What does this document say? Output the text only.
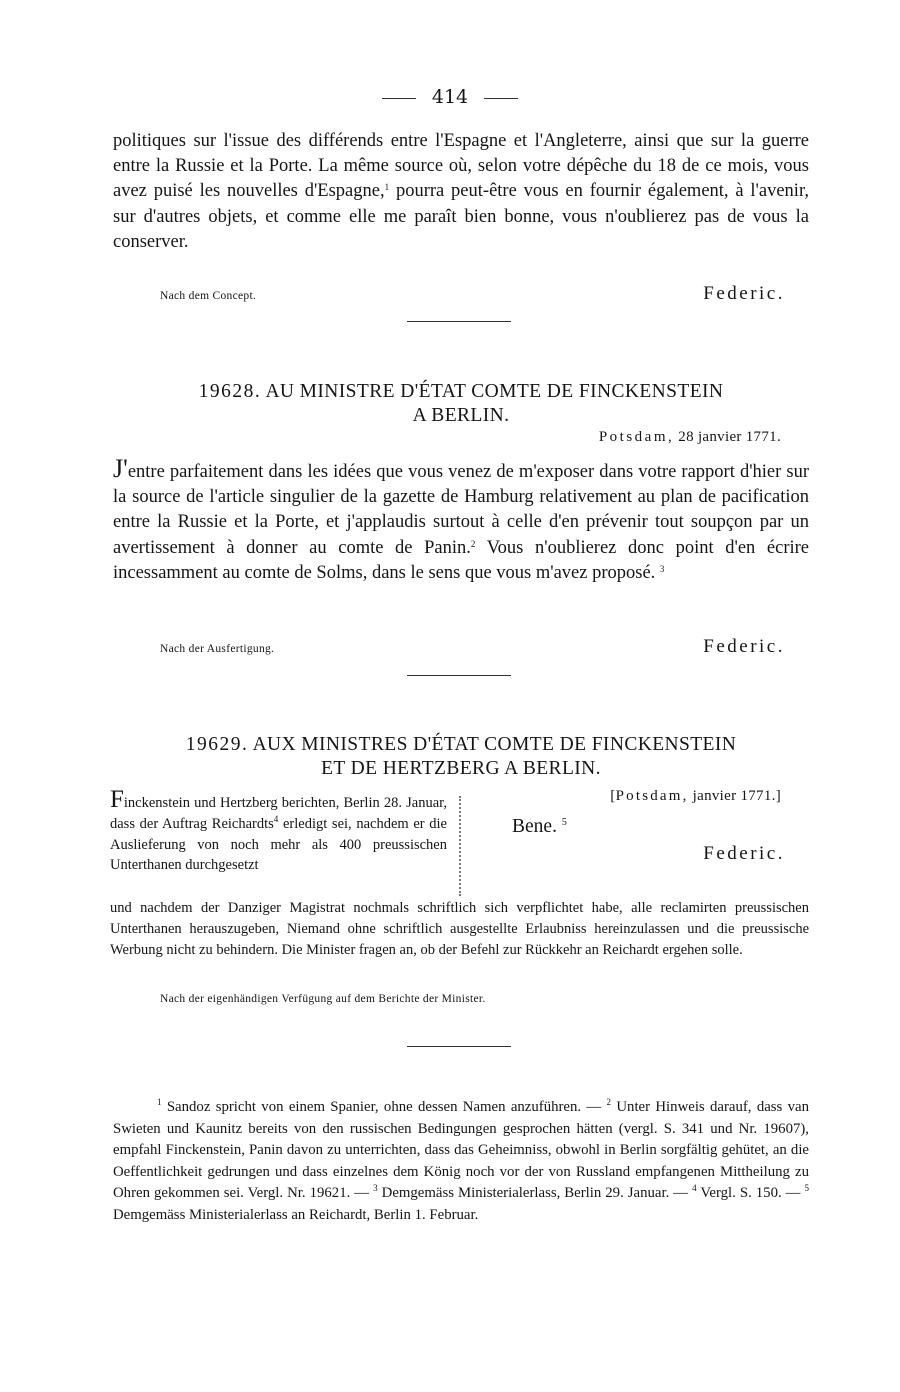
414
politiques sur l'issue des différends entre l'Espagne et l'Angleterre, ainsi que sur la guerre entre la Russie et la Porte. La même source où, selon votre dépêche du 18 de ce mois, vous avez puisé les nouvelles d'Espagne,$^1$ pourra peut-être vous en fournir également, à l'avenir, sur d'autres objets, et comme elle me paraît bien bonne, vous n'oublierez pas de vous la conserver.
Nach dem Concept.	Federic.
19628. AU MINISTRE D'ÉTAT COMTE DE FINCKENSTEIN
A BERLIN.
Potsdam, 28 janvier 1771.
J'entre parfaitement dans les idées que vous venez de m'exposer dans votre rapport d'hier sur la source de l'article singulier de la gazette de Hamburg relativement au plan de pacification entre la Russie et la Porte, et j'applaudis surtout à celle d'en prévenir tout soupçon par un avertissement à donner au comte de Panin.$^2$ Vous n'oublierez donc point d'en écrire incessamment au comte de Solms, dans le sens que vous m'avez proposé. $^3$
Nach der Ausfertigung.	Federic.
19629. AUX MINISTRES D'ÉTAT COMTE DE FINCKENSTEIN
ET DE HERTZBERG A BERLIN.
Finckenstein und Hertzberg berichten, Berlin 28. Januar, dass der Auftrag Reichardts$^4$ erledigt sei, nachdem er die Auslieferung von noch mehr als 400 preussischen Unterthanen durchgesetzt
[Potsdam, janvier 1771.]
Bene. $^5$
Federic.
und nachdem der Danziger Magistrat nochmals schriftlich sich verpflichtet habe, alle reclamirten preussischen Unterthanen herauszugeben, Niemand ohne schriftlich ausgestellte Erlaubniss hereinzulassen und die preussische Werbung nicht zu behindern. Die Minister fragen an, ob der Befehl zur Rückkehr an Reichardt ergehen solle.
Nach der eigenhändigen Verfügung auf dem Berichte der Minister.
$^1$ Sandoz spricht von einem Spanier, ohne dessen Namen anzuführen. — $^2$ Unter Hinweis darauf, dass van Swieten und Kaunitz bereits von den russischen Bedingungen gesprochen hätten (vergl. S. 341 und Nr. 19607), empfahl Finckenstein, Panin davon zu unterrichten, dass das Geheimniss, obwohl in Berlin sorgfältig gehütet, an die Oeffentlichkeit gedrungen und dass einzelnes dem König noch vor der von Russland empfangenen Mittheilung zu Ohren gekommen sei. Vergl. Nr. 19621. — $^3$ Demgemäss Ministerialerlass, Berlin 29. Januar. — $^4$ Vergl. S. 150. — $^5$ Demgemäss Ministerialerlass an Reichardt, Berlin 1. Februar.
